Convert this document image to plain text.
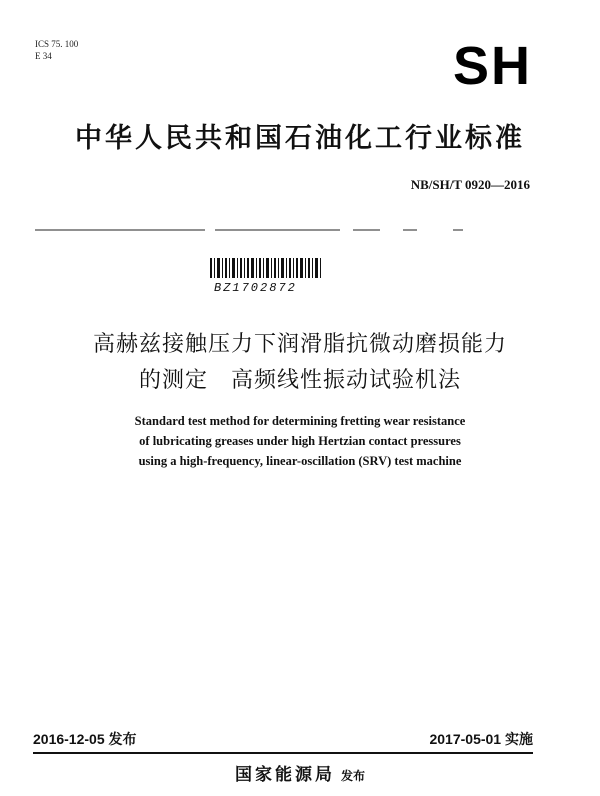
ICS 75. 100
E 34	SH
中华人民共和国石油化工行业标准
NB/SH/T 0920—2016
BZ1702872
高赫兹接触压力下润滑脂抗微动磨损能力
的测定　高频线性振动试验机法
Standard test method for determining fretting wear resistance
of lubricating greases under high Hertzian contact pressures
using a high-frequency, linear-oscillation (SRV) test machine
2016-12-05 发布	2017-05-01 实施
国家能源局 发布
